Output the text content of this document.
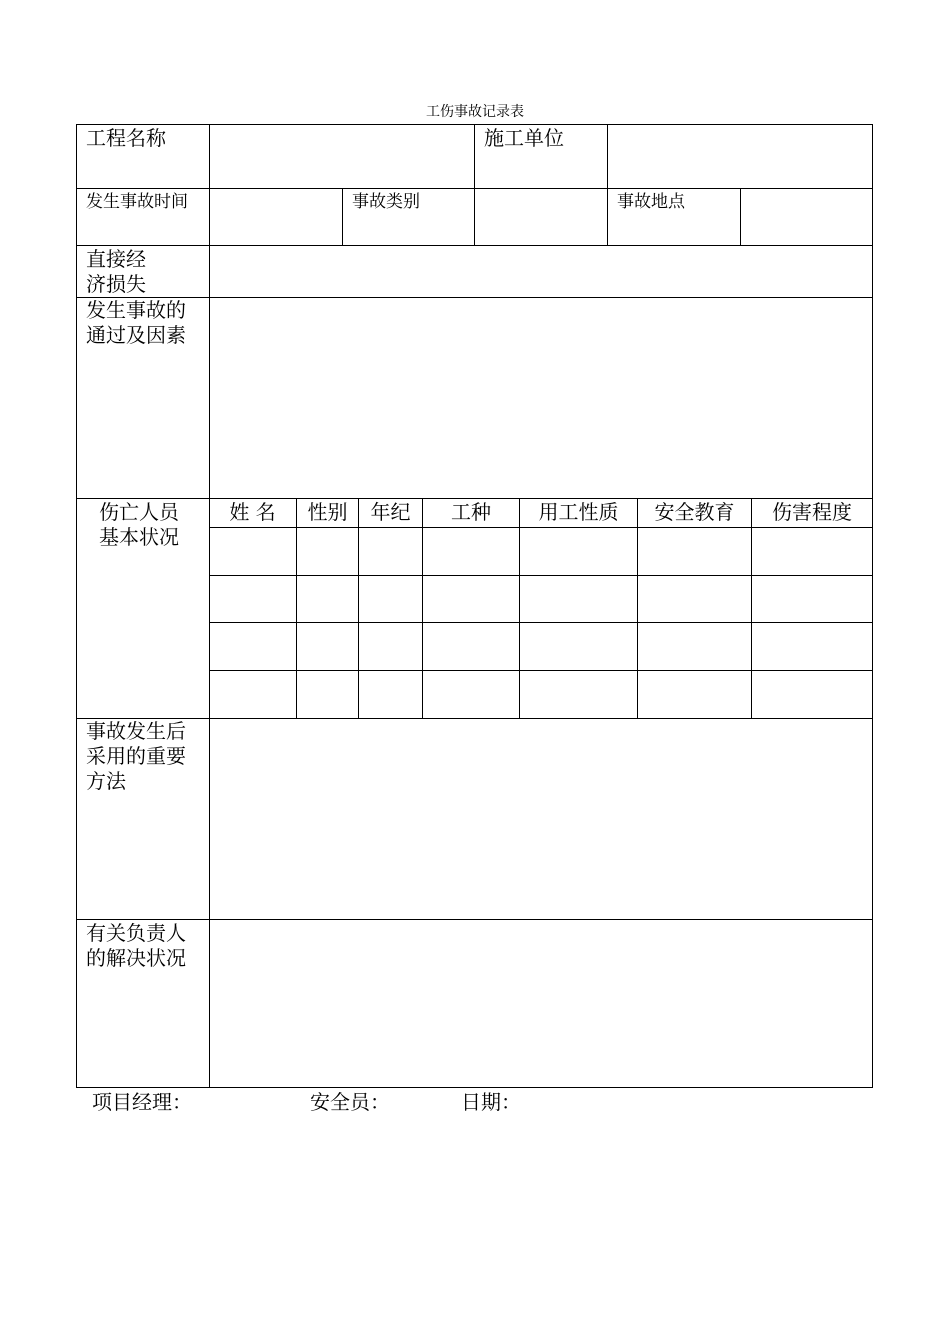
工伤事故记录表
工程名称	施工单位
发生事故时间	事故类别	事故地点
直接经
济损失
发生事故的
通过及因素
伤亡人员
基本状况
姓 名	性别	年纪	工种	用工性质	安全教育	伤害程度
事故发生后
采用的重要
方法
有关负责人
的解决状况
项目经理：	安全员：	日期：
